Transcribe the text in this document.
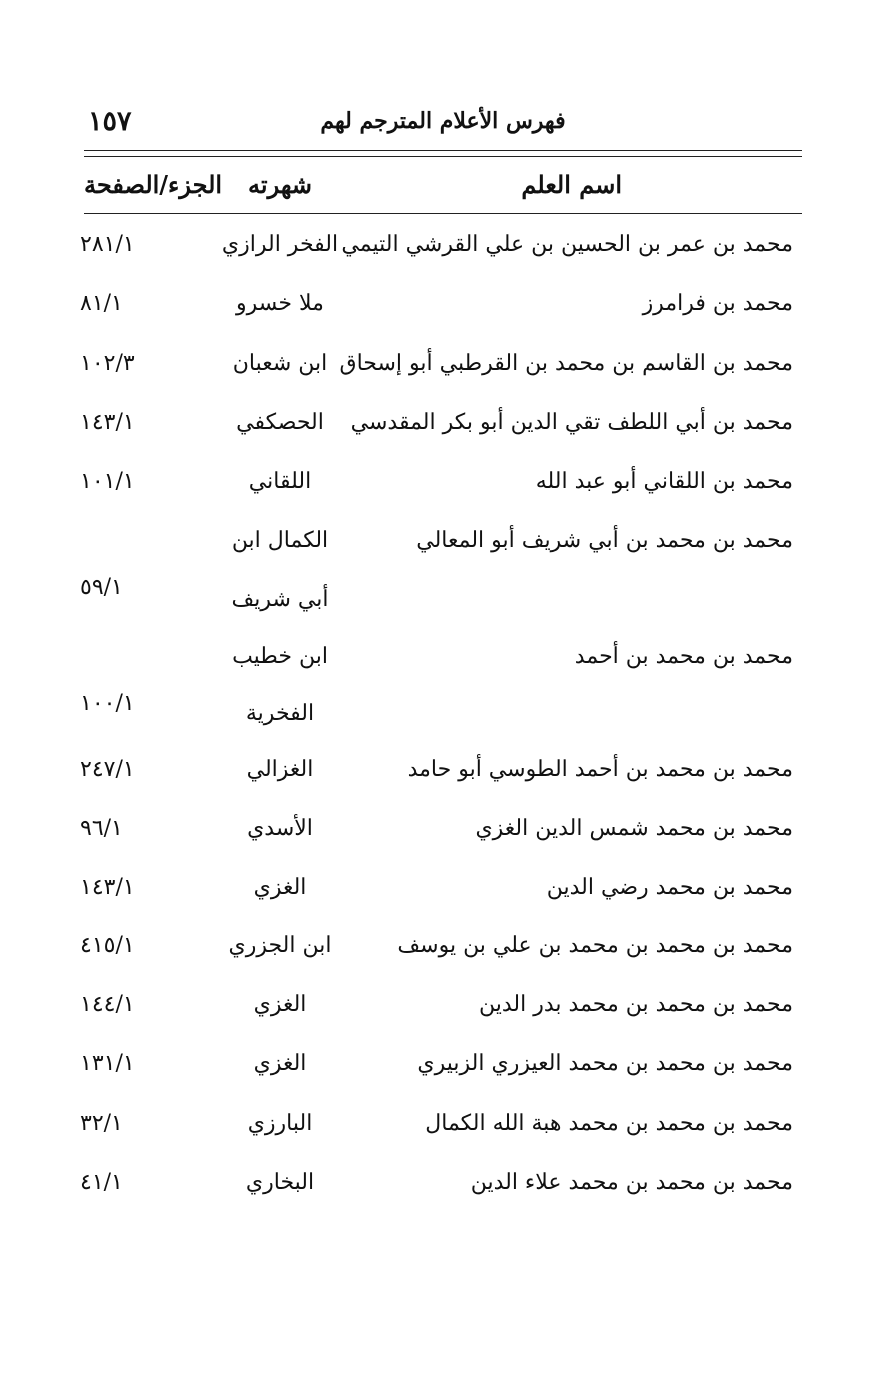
١٥٧	فهرس الأعلام المترجم لهم
اسم العلم
شهرته
الجزء/الصفحة
محمد بن عمر بن الحسين بن علي القرشي التيمي
الفخر الرازي
٢٨١/١
محمد بن فرامرز
ملا خسرو
٨١/١
محمد بن القاسم بن محمد بن القرطبي أبو إسحاق
ابن شعبان
١٠٢/٣
محمد بن أبي اللطف تقي الدين أبو بكر المقدسي
الحصكفي
١٤٣/١
محمد بن اللقاني أبو عبد الله
اللقاني
١٠١/١
محمد بن محمد بن أبي شريف أبو المعالي
الكمال ابن
أبي شريف
٥٩/١
محمد بن محمد بن أحمد
ابن خطيب
الفخرية
١٠٠/١
محمد بن محمد بن أحمد الطوسي أبو حامد
الغزالي
٢٤٧/١
محمد بن محمد شمس الدين الغزي
الأسدي
٩٦/١
محمد بن محمد رضي الدين
الغزي
١٤٣/١
محمد بن محمد بن محمد بن علي بن يوسف
ابن الجزري
٤١٥/١
محمد بن محمد بن محمد بدر الدين
الغزي
١٤٤/١
محمد بن محمد بن محمد العيزري الزبيري
الغزي
١٣١/١
محمد بن محمد بن محمد هبة الله الكمال
البارزي
٣٢/١
محمد بن محمد بن محمد علاء الدين
البخاري
٤١/١
